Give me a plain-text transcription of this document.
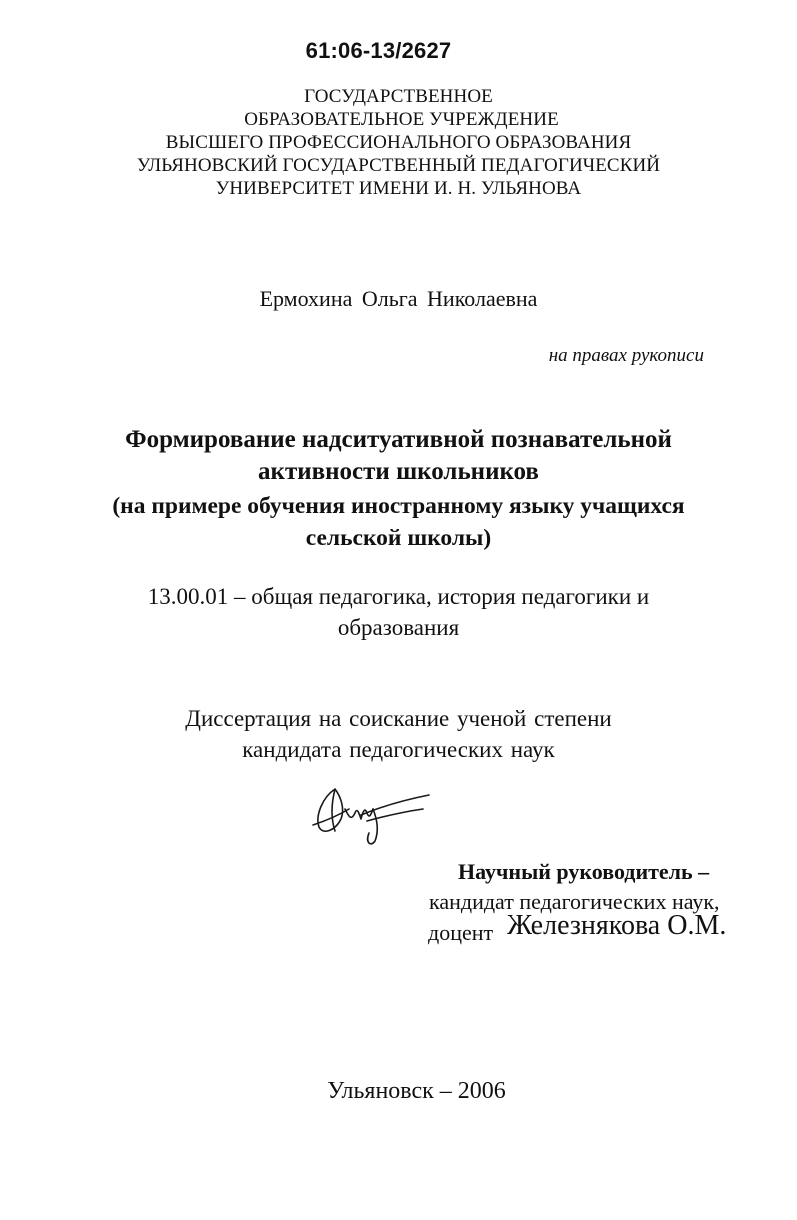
61:06-13/2627
ГОСУДАРСТВЕННОЕ
ОБРАЗОВАТЕЛЬНОЕ УЧРЕЖДЕНИЕ
ВЫСШЕГО ПРОФЕССИОНАЛЬНОГО ОБРАЗОВАНИЯ
УЛЬЯНОВСКИЙ ГОСУДАРСТВЕННЫЙ ПЕДАГОГИЧЕСКИЙ
УНИВЕРСИТЕТ ИМЕНИ И. Н. УЛЬЯНОВА
Ермохина Ольга Николаевна
на правах рукописи
Формирование надситуативной познавательной
активности школьников
(на примере обучения иностранному языку учащихся
сельской школы)
13.00.01 – общая педагогика, история педагогики и
образования
Диссертация на соискание ученой степени
кандидата педагогических наук
Научный руководитель –
кандидат педагогических наук,
доцент Железнякова О.М.
Ульяновск – 2006
